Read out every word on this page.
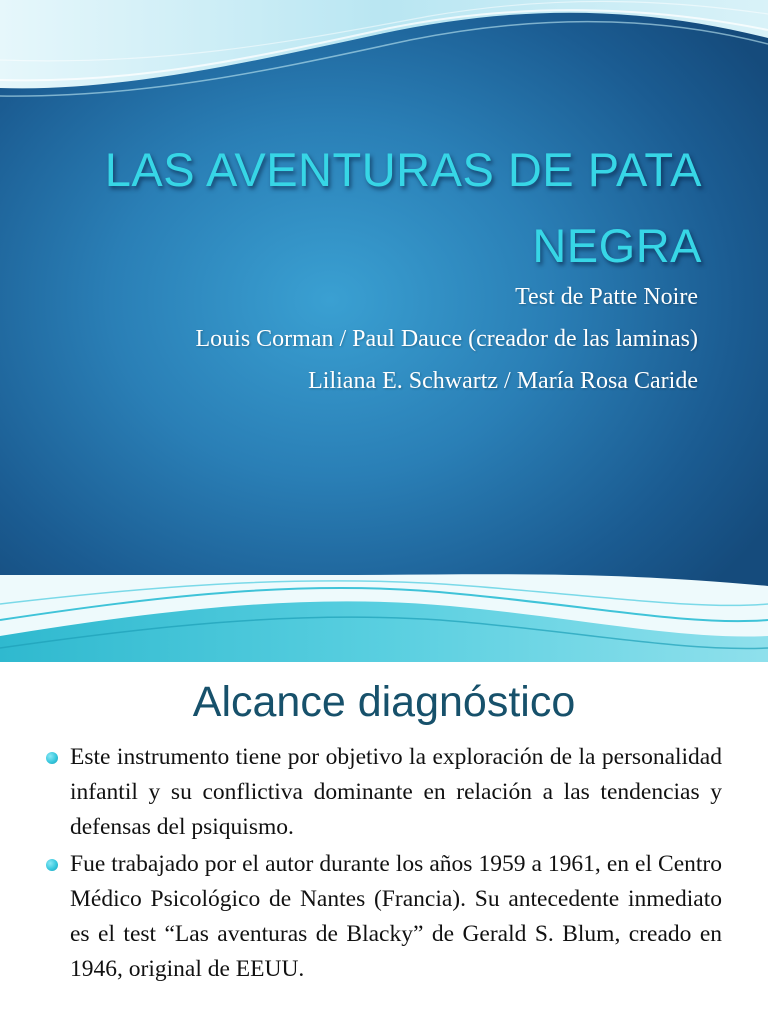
LAS AVENTURAS DE PATA
NEGRA
Test de Patte Noire
Louis Corman / Paul Dauce (creador de las laminas)
Liliana E. Schwartz / María Rosa Caride
Alcance diagnóstico
Este instrumento tiene por objetivo la exploración de la personalidad infantil y su conflictiva dominante en relación a las tendencias y defensas del psiquismo.
Fue trabajado por el autor durante los años 1959 a 1961, en el Centro Médico Psicológico de Nantes (Francia). Su antecedente inmediato es el test “Las aventuras de Blacky” de Gerald S. Blum, creado en 1946, original de EEUU.
